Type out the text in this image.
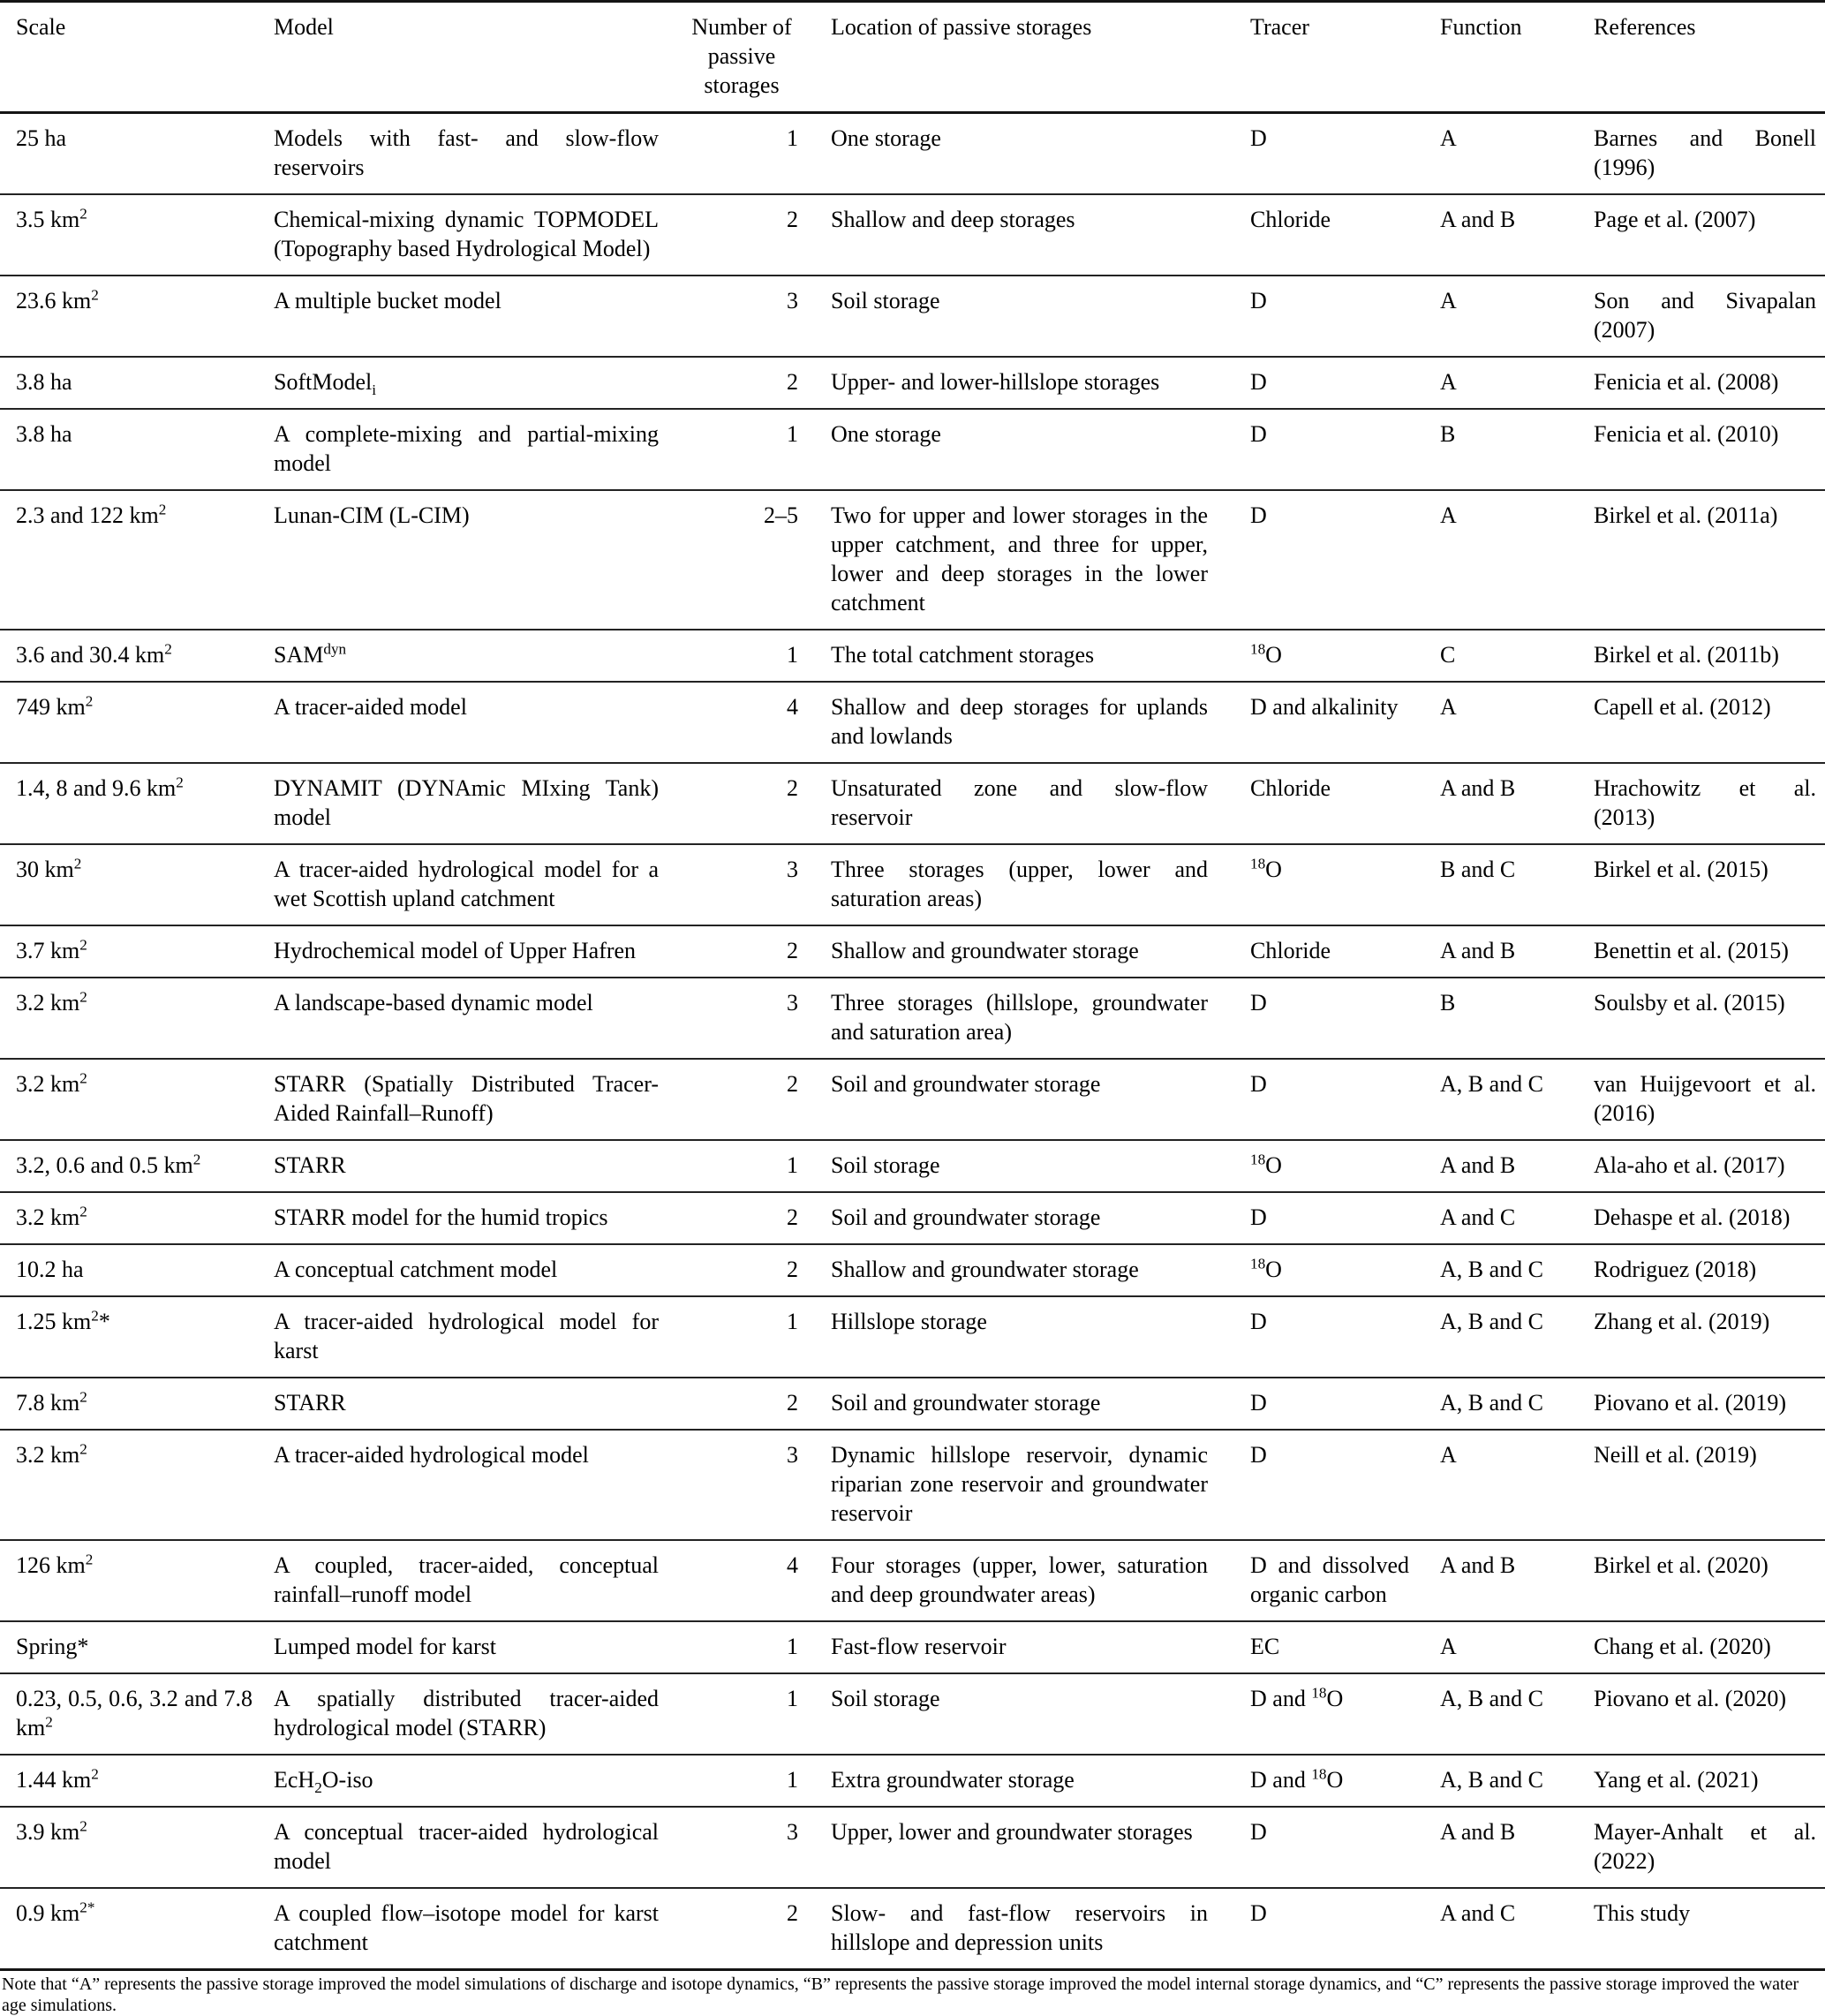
Scale	Model	Number of passive storages	Location of passive storages	Tracer	Function	References
25 ha	Models with fast- and slow-flow reservoirs	1	One storage	D	A	Barnes and Bonell (1996)
3.5 $km^2$	Chemical-mixing dynamic TOPMODEL (Topography based Hydrological Model)	2	Shallow and deep storages	Chloride	A and B	Page et al. (2007)
23.6 $km^2$	A multiple bucket model	3	Soil storage	D	A	Son and Sivapalan (2007)
3.8 ha	SoftModel$_i$	2	Upper- and lower-hillslope storages	D	A	Fenicia et al. (2008)
3.8 ha	A complete-mixing and partial-mixing model	1	One storage	D	B	Fenicia et al. (2010)
2.3 and 122 $km^2$	Lunan-CIM (L-CIM)	2–5	Two for upper and lower storages in the upper catchment, and three for upper, lower and deep storages in the lower catchment	D	A	Birkel et al. (2011a)
3.6 and 30.4 $km^2$	$SAM^{dyn}$	1	The total catchment storages	$^{18}$O	C	Birkel et al. (2011b)
749 $km^2$	A tracer-aided model	4	Shallow and deep storages for uplands and lowlands	D and alkalinity	A	Capell et al. (2012)
1.4, 8 and 9.6 $km^2$	DYNAMIT (DYNAmic MIxing Tank) model	2	Unsaturated zone and slow-flow reservoir	Chloride	A and B	Hrachowitz et al. (2013)
30 $km^2$	A tracer-aided hydrological model for a wet Scottish upland catchment	3	Three storages (upper, lower and saturation areas)	$^{18}$O	B and C	Birkel et al. (2015)
3.7 $km^2$	Hydrochemical model of Upper Hafren	2	Shallow and groundwater storage	Chloride	A and B	Benettin et al. (2015)
3.2 $km^2$	A landscape-based dynamic model	3	Three storages (hillslope, groundwater and saturation area)	D	B	Soulsby et al. (2015)
3.2 $km^2$	STARR (Spatially Distributed Tracer-Aided Rainfall–Runoff)	2	Soil and groundwater storage	D	A, B and C	van Huijgevoort et al. (2016)
3.2, 0.6 and 0.5 $km^2$	STARR	1	Soil storage	$^{18}$O	A and B	Ala-aho et al. (2017)
3.2 $km^2$	STARR model for the humid tropics	2	Soil and groundwater storage	D	A and C	Dehaspe et al. (2018)
10.2 ha	A conceptual catchment model	2	Shallow and groundwater storage	$^{18}$O	A, B and C	Rodriguez (2018)
1.25 $km^2*$	A tracer-aided hydrological model for karst	1	Hillslope storage	D	A, B and C	Zhang et al. (2019)
7.8 $km^2$	STARR	2	Soil and groundwater storage	D	A, B and C	Piovano et al. (2019)
3.2 $km^2$	A tracer-aided hydrological model	3	Dynamic hillslope reservoir, dynamic riparian zone reservoir and groundwater reservoir	D	A	Neill et al. (2019)
126 $km^2$	A coupled, tracer-aided, conceptual rainfall–runoff model	4	Four storages (upper, lower, saturation and deep groundwater areas)	D and dissolved organic carbon	A and B	Birkel et al. (2020)
Spring*	Lumped model for karst	1	Fast-flow reservoir	EC	A	Chang et al. (2020)
0.23, 0.5, 0.6, 3.2 and 7.8 $km^2$	A spatially distributed tracer-aided hydrological model (STARR)	1	Soil storage	D and $^{18}$O	A, B and C	Piovano et al. (2020)
1.44 $km^2$	EcH$_2$O-iso	1	Extra groundwater storage	D and $^{18}$O	A, B and C	Yang et al. (2021)
3.9 $km^2$	A conceptual tracer-aided hydrological model	3	Upper, lower and groundwater storages	D	A and B	Mayer-Anhalt et al. (2022)
0.9 $km^{2*}$	A coupled flow–isotope model for karst catchment	2	Slow- and fast-flow reservoirs in hillslope and depression units	D	A and C	This study
Note that “A” represents the passive storage improved the model simulations of discharge and isotope dynamics, “B” represents the passive storage improved the model internal storage dynamics, and “C” represents the passive storage improved the water age simulations.
